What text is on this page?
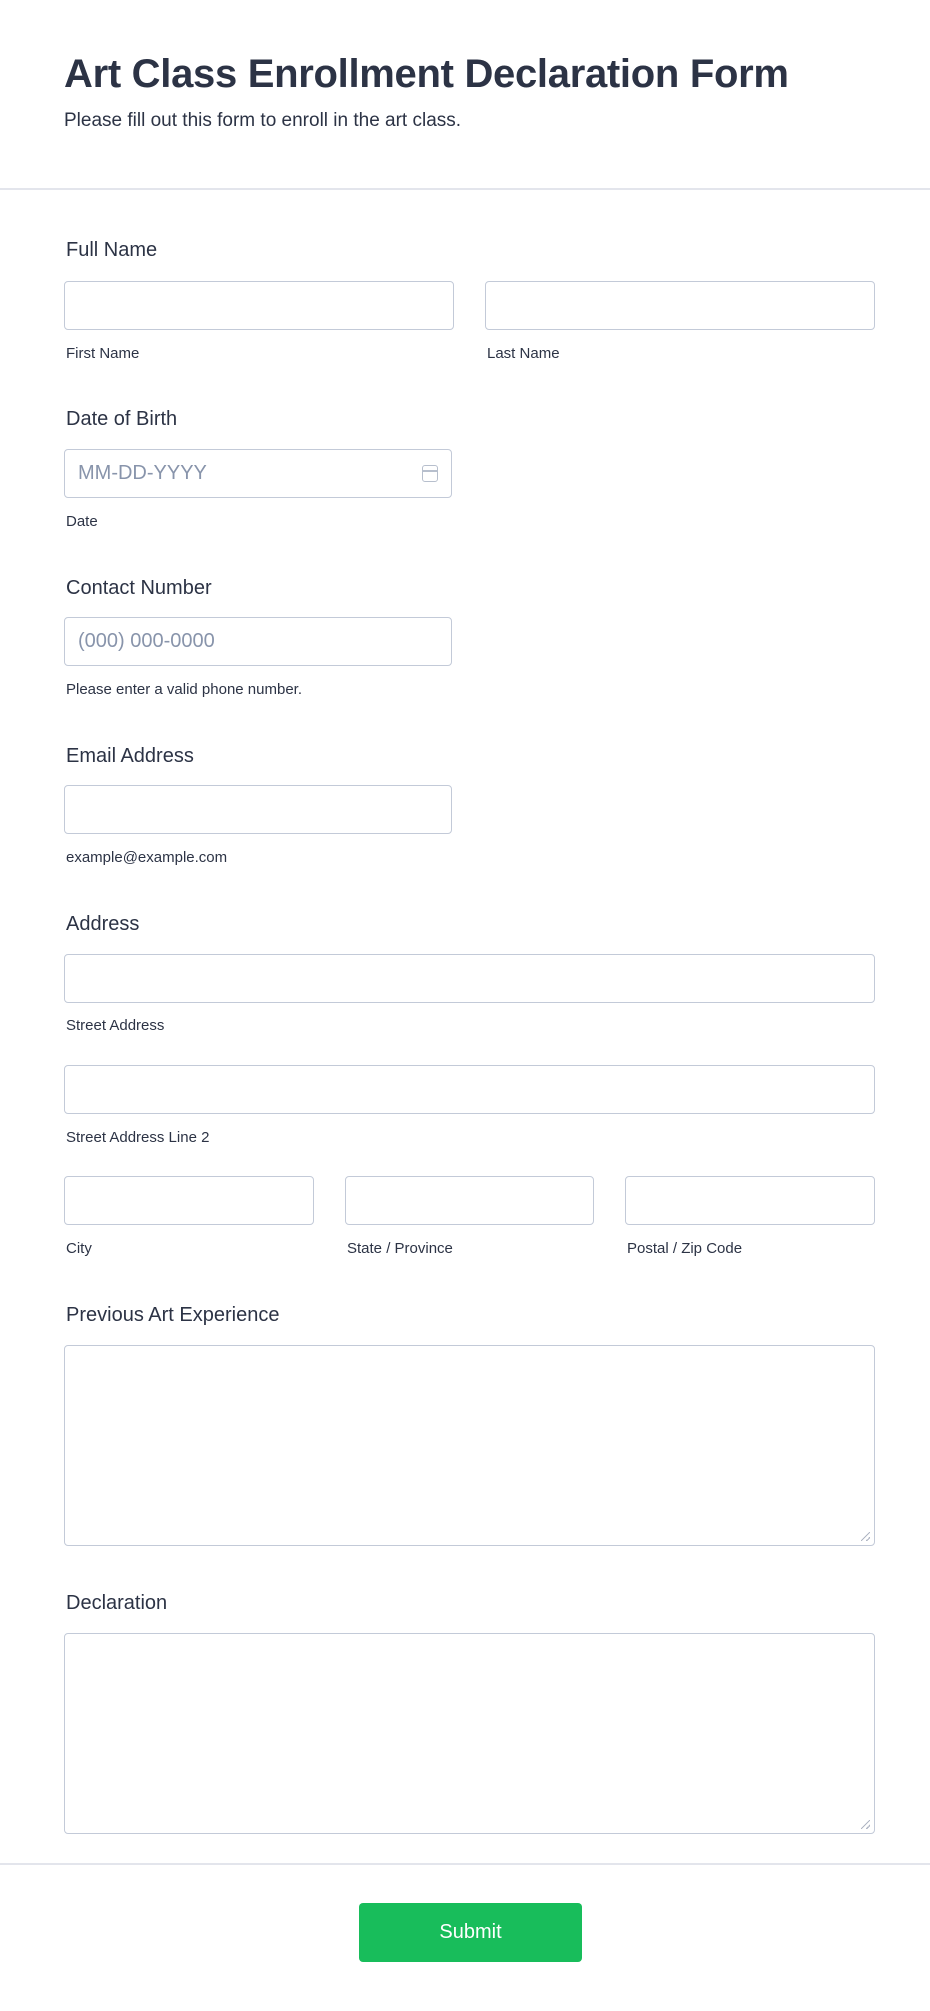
Art Class Enrollment Declaration Form
Please fill out this form to enroll in the art class.
Full Name
First Name	Last Name
Date of Birth
MM-DD-YYYY
Date
Contact Number
(000) 000-0000
Please enter a valid phone number.
Email Address
example@example.com
Address
Street Address
Street Address Line 2
City	State / Province	Postal / Zip Code
Previous Art Experience
Declaration
Submit
